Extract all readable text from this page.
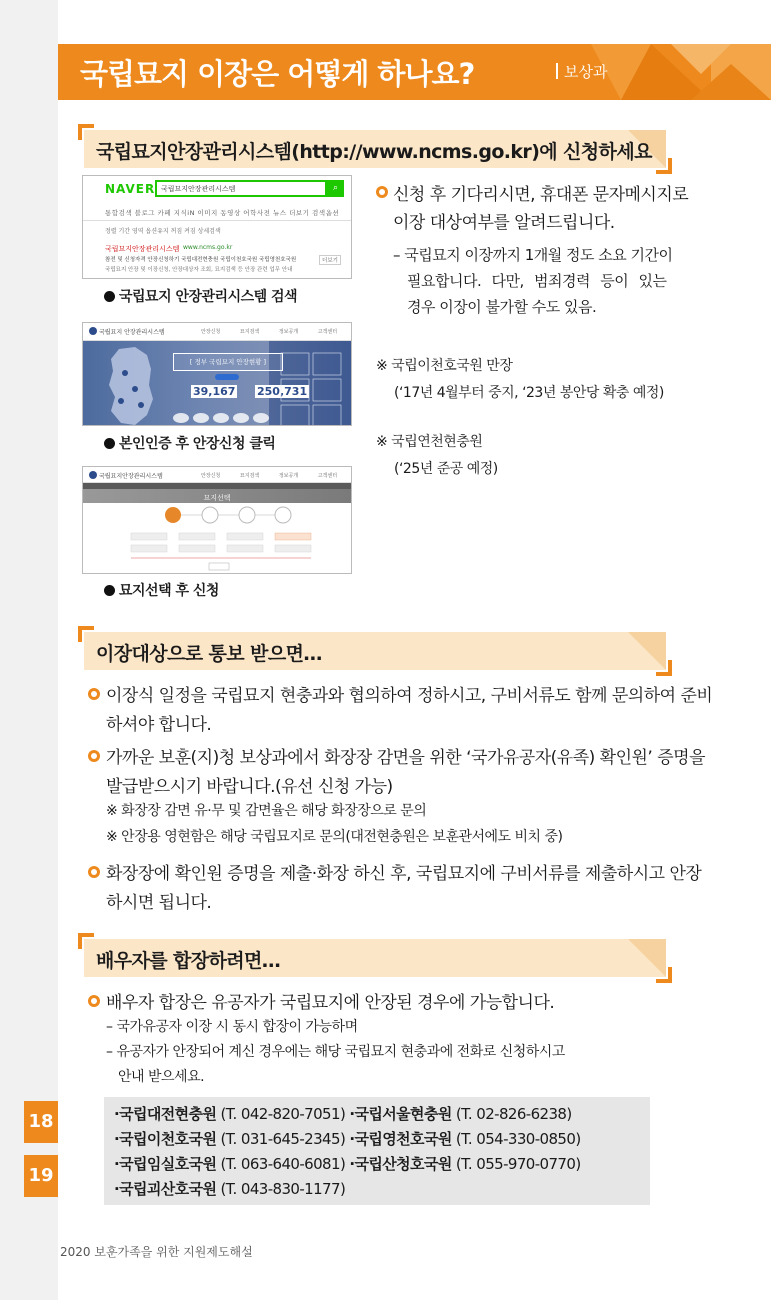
국립묘지 이장은 어떻게 하나요?	보상과
국립묘지안장관리시스템(http://www.ncms.go.kr)에 신청하세요
NAVER 국립묘지안장관리시스템	⌕
통합검색 블로그 카페 지식iN 이미지 동영상 어학사전 뉴스 더보기 검색옵션
정렬 기간 영역 옵션유지 꺼짐 켜짐 상세검색
국립묘지안장관리시스템 www.ncms.go.kr
참전 및 신청자격 안장신청하기 국립대전현충원 국립이천호국원 국립영천호국원
국립묘지 안장 및 이장신청, 안장대상자 조회, 묘지검색 등 안장 관련 업무 안내
더보기
국립묘지 안장관리시스템 검색
국립묘지 안장관리시스템	안장신청 묘지검색 정보공개 고객센터
[ 정부 국립묘지 안장현황 ]
39,167 250,731
본인인증 후 안장신청 클릭
국립묘지안장관리시스템	안장신청 묘지검색 정보공개 고객센터
묘지선택
묘지선택 후 신청
신청 후 기다리시면, 휴대폰 문자메시지로
이장 대상여부를 알려드립니다.
– 국립묘지 이장까지 1개월 정도 소요 기간이
필요합니다. 다만, 범죄경력 등이 있는
경우 이장이 불가할 수도 있음.
※ 국립이천호국원 만장
(‘17년 4월부터 중지, ‘23년 봉안당 확충 예정)
※ 국립연천현충원
(‘25년 준공 예정)
이장대상으로 통보 받으면…
이장식 일정을 국립묘지 현충과와 협의하여 정하시고, 구비서류도 함께 문의하여 준비
하셔야 합니다.
가까운 보훈(지)청 보상과에서 화장장 감면을 위한 ‘국가유공자(유족) 확인원’ 증명을
발급받으시기 바랍니다.(유선 신청 가능)
※ 화장장 감면 유·무 및 감면율은 해당 화장장으로 문의
※ 안장용 영현함은 해당 국립묘지로 문의(대전현충원은 보훈관서에도 비치 중)
화장장에 확인원 증명을 제출·화장 하신 후, 국립묘지에 구비서류를 제출하시고 안장
하시면 됩니다.
배우자를 합장하려면…
배우자 합장은 유공자가 국립묘지에 안장된 경우에 가능합니다.
– 국가유공자 이장 시 동시 합장이 가능하며
– 유공자가 안장되어 계신 경우에는 해당 국립묘지 현충과에 전화로 신청하시고
안내 받으세요.
·국립대전현충원 (T. 042-820-7051) ·국립서울현충원 (T. 02-826-6238)
·국립이천호국원 (T. 031-645-2345) ·국립영천호국원 (T. 054-330-0850)
·국립임실호국원 (T. 063-640-6081) ·국립산청호국원 (T. 055-970-0770)
·국립괴산호국원 (T. 043-830-1177)
18
19
2020 보훈가족을 위한 지원제도해설
